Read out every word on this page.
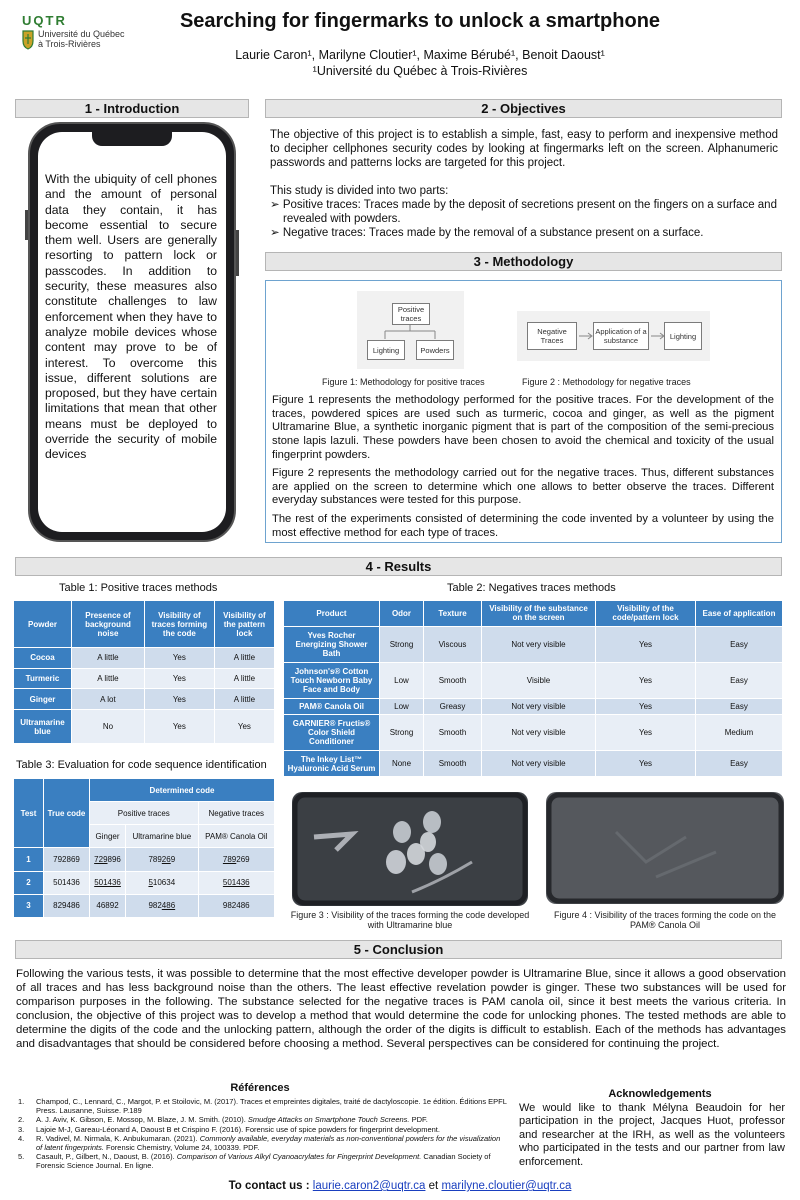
UQTR
Université du Québec
à Trois-Rivières
Searching for fingermarks to unlock a smartphone
Laurie Caron¹, Marilyne Cloutier¹, Maxime Bérubé¹, Benoit Daoust¹
¹Université du Québec à Trois-Rivières
1 - Introduction
With the ubiquity of cell phones and the amount of personal data they contain, it has become essential to secure them well. Users are generally resorting to pattern lock or passcodes. In addition to security, these measures also constitute challenges to law enforcement when they have to analyze mobile devices whose content may prove to be of interest. To overcome this issue, different solutions are proposed, but they have certain limitations that mean that other means must be deployed to override the security of mobile devices
2 - Objectives
The objective of this project is to establish a simple, fast, easy to perform and inexpensive method to decipher cellphones security codes by looking at fingermarks left on the screen. Alphanumeric passwords and patterns locks are targeted for this project.
This study is divided into two parts:
➢ Positive traces: Traces made by the deposit of secretions present on the fingers on a surface and revealed with powders.
➢ Negative traces: Traces made by the removal of a substance present on a surface.
3 - Methodology
Positive traces
Lighting	Powders
Negative Traces
Application of a substance	Lighting
Figure 1: Methodology for positive traces	Figure 2 : Methodology for negative traces
Figure 1 represents the methodology performed for the positive traces. For the development of the traces, powdered spices are used such as turmeric, cocoa and ginger, as well as the pigment Ultramarine Blue, a synthetic inorganic pigment that is part of the composition of the semi-precious stone lapis lazuli. These powders have been chosen to avoid the chemical and toxicity of the usual fingerprint powders.
Figure 2 represents the methodology carried out for the negative traces. Thus, different substances are applied on the screen to determine which one allows to better observe the traces. Different everyday substances were tested for this purpose.
The rest of the experiments consisted of determining the code invented by a volunteer by using the most effective method for each type of traces.
4 - Results
Table 1: Positive traces methods
Powder	Presence of background noise	Visibility of traces forming the code	Visibility of the pattern lock
Cocoa	A little	Yes	A little
Turmeric	A little	Yes	A little
Ginger	A lot	Yes	A little
Ultramarine blue	No	Yes	Yes
Table 3: Evaluation for code sequence identification
Test	True code	Determined code		
		Positive traces		Negative traces
		Ginger	Ultramarine blue	PAM® Canola Oil
1	792869	729896	789269	789269
2	501436	501436	510634	501436
3	829486	46892	982486	982486
Table 2: Negatives traces methods
Product	Odor	Texture	Visibility of the substance on the screen	Visibility of the code/pattern lock	Ease of application
Yves Rocher Energizing Shower Bath	Strong	Viscous	Not very visible	Yes	Easy
Johnson's® Cotton Touch Newborn Baby Face and Body	Low	Smooth	Visible	Yes	Easy
PAM® Canola Oil	Low	Greasy	Not very visible	Yes	Easy
GARNIER® Fructis® Color Shield Conditioner	Strong	Smooth	Not very visible	Yes	Medium
The Inkey List™ Hyaluronic Acid Serum	None	Smooth	Not very visible	Yes	Easy
Figure 3 : Visibility of the traces forming the code developed with Ultramarine blue
Figure 4 : Visibility of the traces forming the code on the PAM® Canola Oil
5 - Conclusion
Following the various tests, it was possible to determine that the most effective developer powder is Ultramarine Blue, since it allows a good observation of all traces and has less background noise than the others. The least effective revelation powder is ginger. These two substances will be used for comparison purposes in the following. The substance selected for the negative traces is PAM canola oil, since it best meets the various criteria. In conclusion, the objective of this project was to develop a method that would determine the code for unlocking phones. The tested methods are able to determine the digits of the code and the unlocking pattern, although the order of the digits is difficult to establish. Each of the methods has advantages and disadvantages that should be considered before choosing a method. Several perspectives can be considered for continuing the project.
Références
1. Champod, C., Lennard, C., Margot, P. et Stoilovic, M. (2017). Traces et empreintes digitales, traité de dactyloscopie. 1e édition. Éditions EPFL Press. Lausanne, Suisse. P.189
2. A. J. Aviv, K. Gibson, E. Mossop, M. Blaze, J. M. Smith. (2010). Smudge Attacks on Smartphone Touch Screens. PDF.
3. Lajoie M-J, Gareau-Léonard A, Daoust B et Crispino F. (2016). Forensic use of spice powders for fingerprint development.
4. R. Vadivel, M. Nirmala, K. Anbukumaran. (2021). Commonly available, everyday materials as non-conventional powders for the visualization of latent fingerprints. Forensic Chemistry, Volume 24, 100339. PDF.
5. Casault, P., Gilbert, N., Daoust, B. (2016). Comparison of Various Alkyl Cyanoacrylates for Fingerprint Development. Canadian Society of Forensic Science Journal. En ligne.
Acknowledgements
We would like to thank Mélyna Beaudoin for her participation in the project, Jacques Huot, professor and researcher at the IRH, as well as the volunteers who participated in the tests and our partner from law enforcement.
To contact us : laurie.caron2@uqtr.ca et marilyne.cloutier@uqtr.ca
